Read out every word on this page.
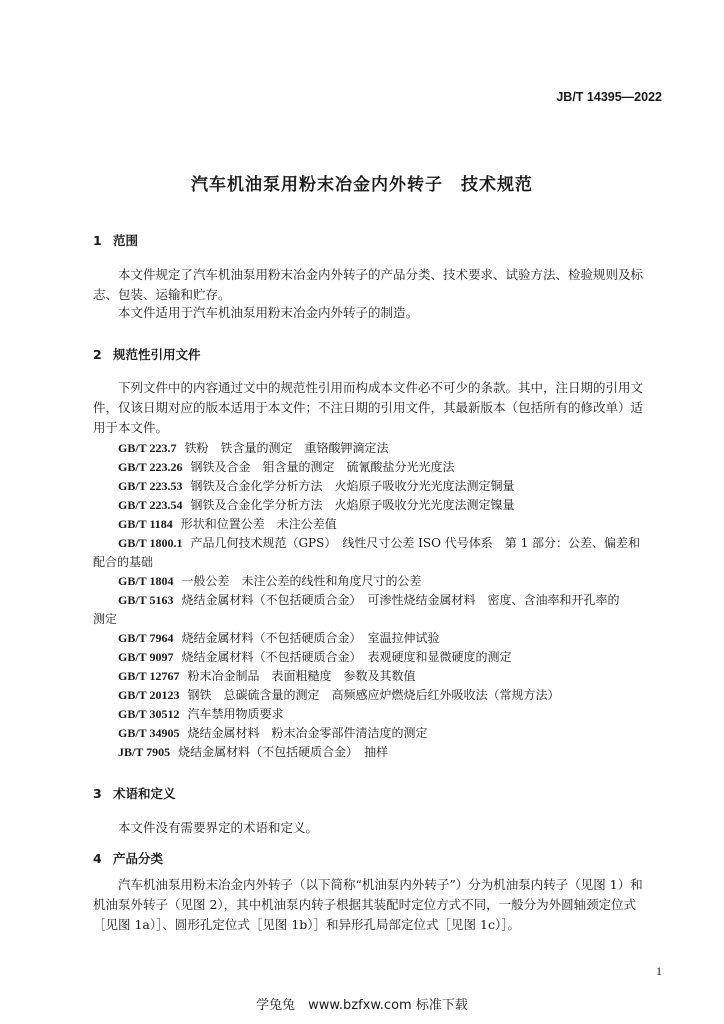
JB/T 14395—2022
汽车机油泵用粉末冶金内外转子　技术规范
1 范围

本文件规定了汽车机油泵用粉末冶金内外转子的产品分类、技术要求、试验方法、检验规则及标
志、包装、运输和贮存。

本文件适用于汽车机油泵用粉末冶金内外转子的制造。

2 规范性引用文件

下列文件中的内容通过文中的规范性引用而构成本文件必不可少的条款。其中，注日期的引用文
件，仅该日期对应的版本适用于本文件；不注日期的引用文件，其最新版本（包括所有的修改单）适
用于本文件。

GB/T 223.7 铁粉　铁含量的测定　重铬酸钾滴定法
GB/T 223.26 钢铁及合金　钼含量的测定　硫氰酸盐分光光度法
GB/T 223.53 钢铁及合金化学分析方法　火焰原子吸收分光光度法测定铜量
GB/T 223.54 钢铁及合金化学分析方法　火焰原子吸收分光光度法测定镍量
GB/T 1184 形状和位置公差　未注公差值
GB/T 1800.1 产品几何技术规范（GPS）　线性尺寸公差 ISO 代号体系　第 1 部分：公差、偏差和
配合的基础
GB/T 1804 一般公差　未注公差的线性和角度尺寸的公差
GB/T 5163 烧结金属材料（不包括硬质合金）　可渗性烧结金属材料　密度、含油率和开孔率的
测定
GB/T 7964 烧结金属材料（不包括硬质合金）　室温拉伸试验
GB/T 9097 烧结金属材料（不包括硬质合金）　表观硬度和显微硬度的测定
GB/T 12767 粉末冶金制品　表面粗糙度　参数及其数值
GB/T 20123 钢铁　总碳硫含量的测定　高频感应炉燃烧后红外吸收法（常规方法）
GB/T 30512 汽车禁用物质要求
GB/T 34905 烧结金属材料　粉末冶金零部件清洁度的测定
JB/T 7905 烧结金属材料（不包括硬质合金）　抽样
3 术语和定义

本文件没有需要界定的术语和定义。

4 产品分类

汽车机油泵用粉末冶金内外转子（以下简称“机油泵内外转子”）分为机油泵内转子（见图 1）和
机油泵外转子（见图 2），其中机油泵内转子根据其装配时定位方式不同，一般分为外圆轴颈定位式
［见图 1a）］、圆形孔定位式［见图 1b）］和异形孔局部定位式［见图 1c）］。

1
学兔兔　www.bzfxw.com 标准下载
